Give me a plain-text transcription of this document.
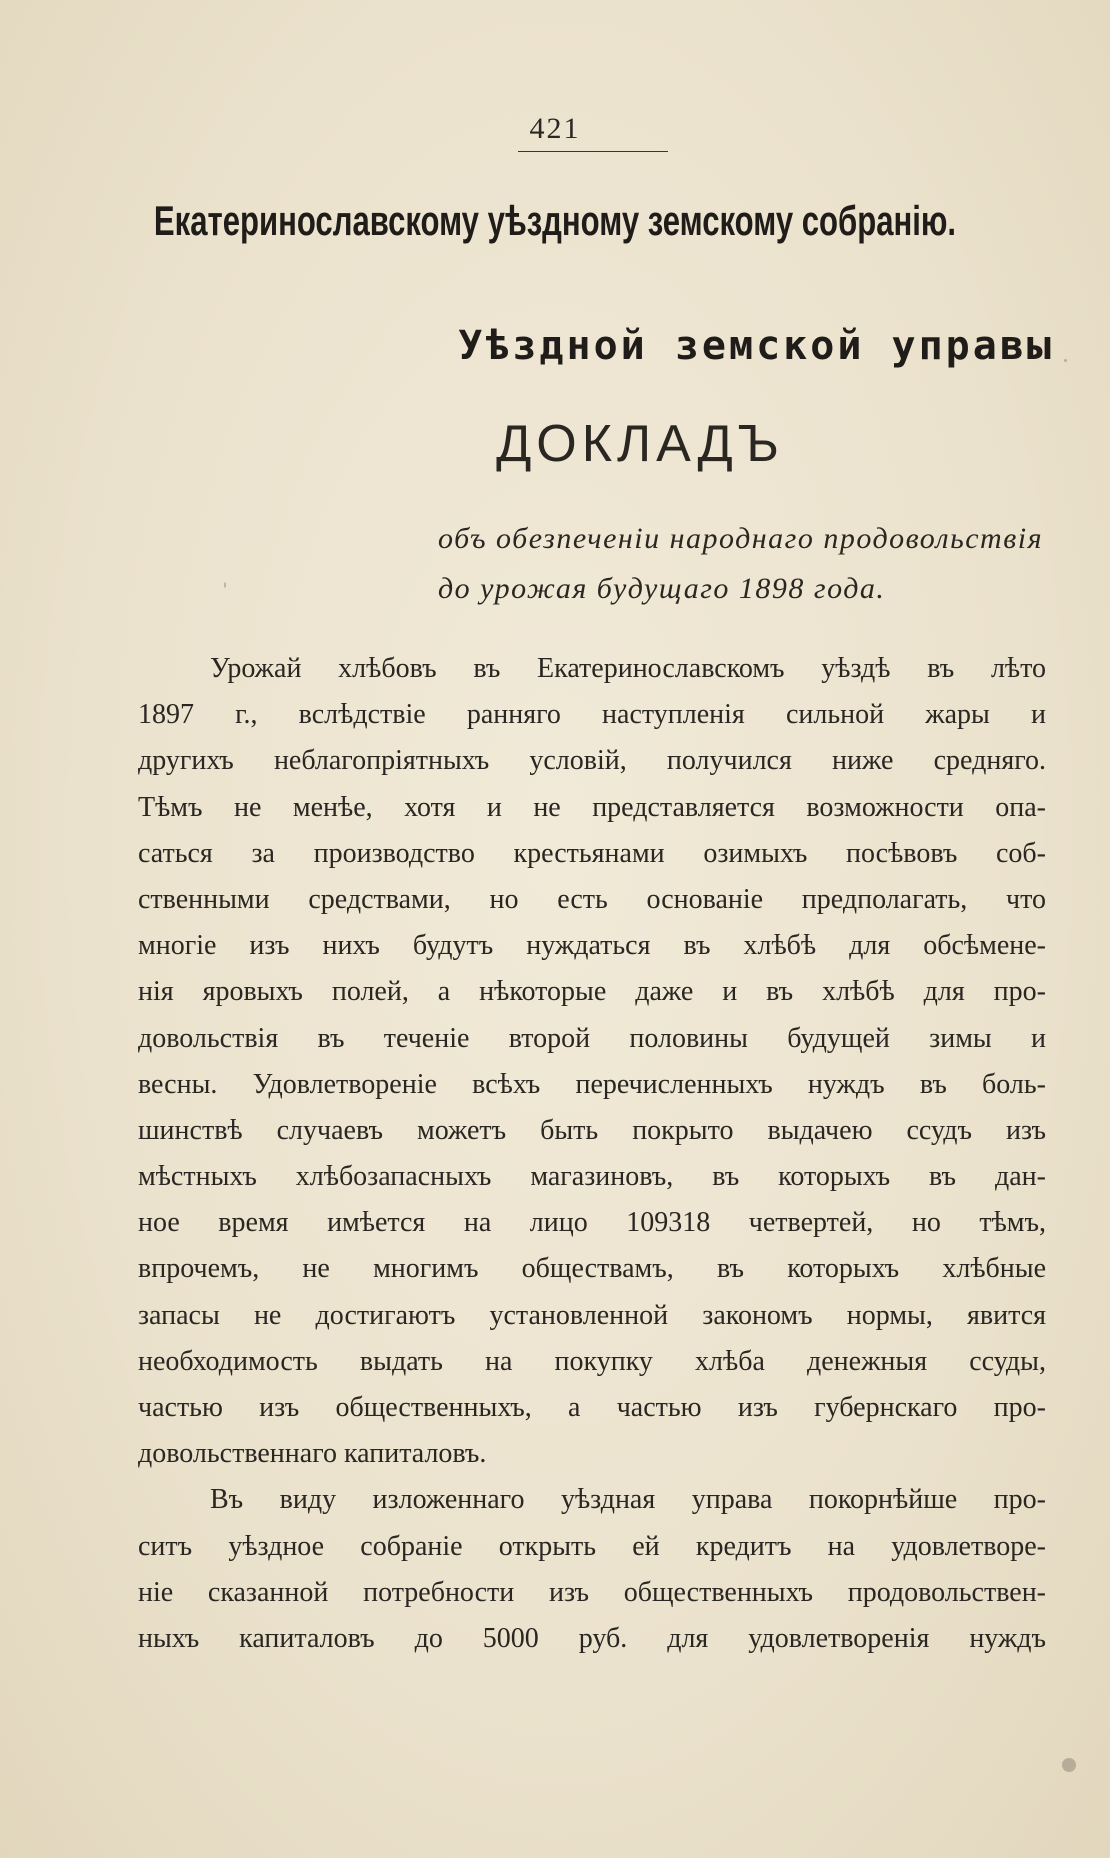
421
Екатеринославскому уѣздному земскому собранію.
Уѣздной земской управы
ДОКЛАДЪ
объ обезпеченіи народнаго продовольствія
до урожая будущаго 1898 года.
Урожай хлѣбовъ въ Екатеринославскомъ уѣздѣ въ лѣто
1897 г., вслѣдствіе ранняго наступленія сильной жары и
другихъ неблагопріятныхъ условій, получился ниже средняго.
Тѣмъ не менѣе, хотя и не представляется возможности опа-
саться за производство крестьянами озимыхъ посѣвовъ соб-
ственными средствами, но есть основаніе предполагать, что
многіе изъ нихъ будутъ нуждаться въ хлѣбѣ для обсѣмене-
нія яровыхъ полей, а нѣкоторые даже и въ хлѣбѣ для про-
довольствія въ теченіе второй половины будущей зимы и
весны. Удовлетвореніе всѣхъ перечисленныхъ нуждъ въ боль-
шинствѣ случаевъ можетъ быть покрыто выдачею ссудъ изъ
мѣстныхъ хлѣбозапасныхъ магазиновъ, въ которыхъ въ дан-
ное время имѣется на лицо 109318 четвертей, но тѣмъ,
впрочемъ, не многимъ обществамъ, въ которыхъ хлѣбные
запасы не достигаютъ установленной закономъ нормы, явится
необходимость выдать на покупку хлѣба денежныя ссуды,
частью изъ общественныхъ, а частью изъ губернскаго про-
довольственнаго капиталовъ.
Въ виду изложеннаго уѣздная управа покорнѣйше про-
ситъ уѣздное собраніе открыть ей кредитъ на удовлетворе-
ніе сказанной потребности изъ общественныхъ продовольствен-
ныхъ капиталовъ до 5000 руб. для удовлетворенія нуждъ
